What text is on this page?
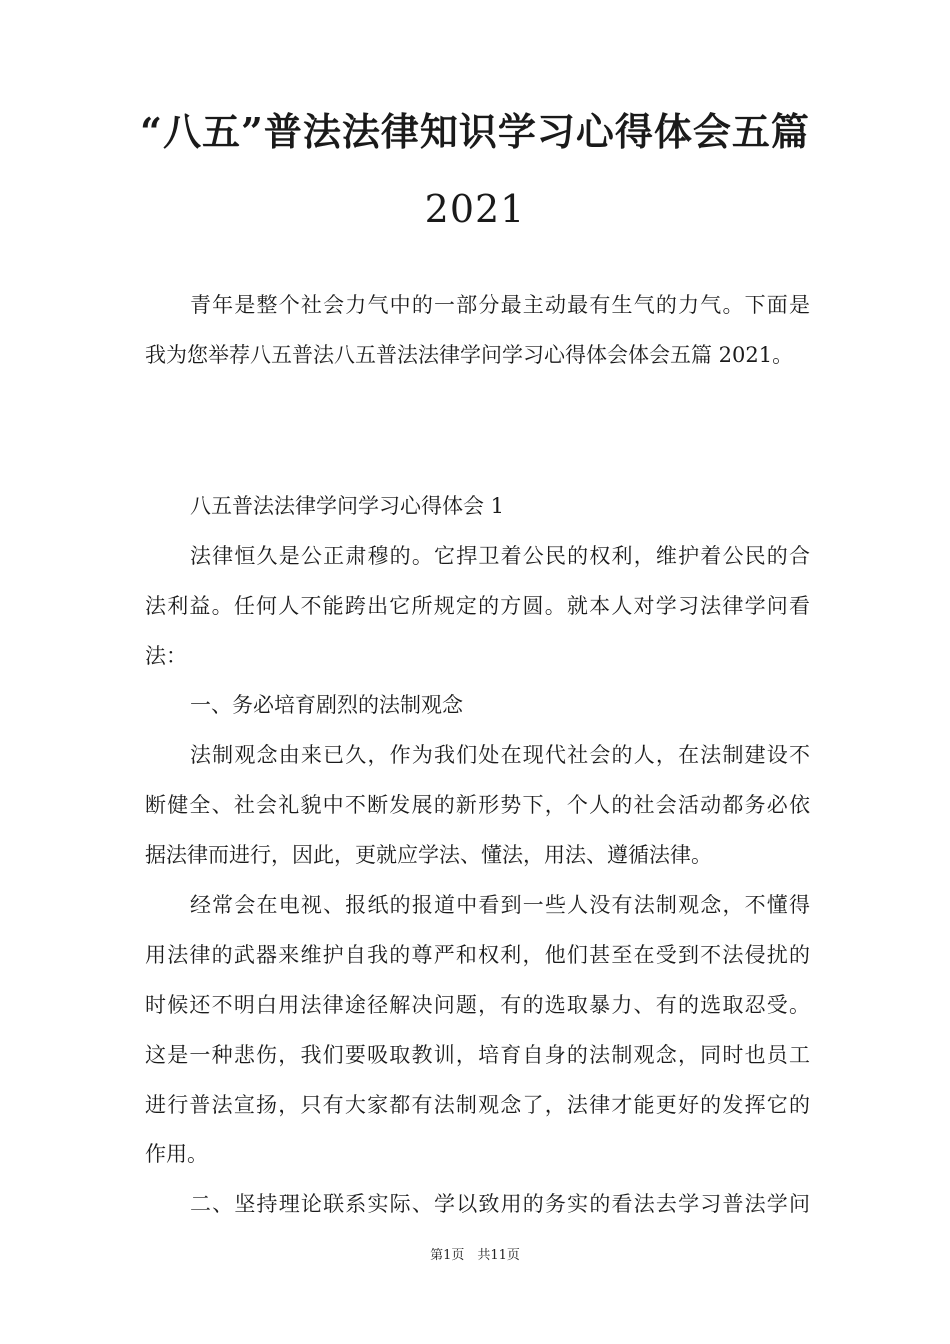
“八五”普法法律知识学习心得体会五篇
2021

青年是整个社会力气中的一部分最主动最有生气的力气。下面是

我为您举荐八五普法八五普法法律学问学习心得体会体会五篇 2021。

八五普法法律学问学习心得体会 1

法律恒久是公正肃穆的。它捍卫着公民的权利，维护着公民的合

法利益。任何人不能跨出它所规定的方圆。就本人对学习法律学问看

法：

一、务必培育剧烈的法制观念

法制观念由来已久，作为我们处在现代社会的人，在法制建设不

断健全、社会礼貌中不断发展的新形势下，个人的社会活动都务必依

据法律而进行，因此，更就应学法、懂法，用法、遵循法律。

经常会在电视、报纸的报道中看到一些人没有法制观念，不懂得

用法律的武器来维护自我的尊严和权利，他们甚至在受到不法侵扰的

时候还不明白用法律途径解决问题，有的选取暴力、有的选取忍受。

这是一种悲伤，我们要吸取教训，培育自身的法制观念，同时也员工

进行普法宣扬，只有大家都有法制观念了，法律才能更好的发挥它的

作用。

二、坚持理论联系实际、学以致用的务实的看法去学习普法学问

第1页　共11页
